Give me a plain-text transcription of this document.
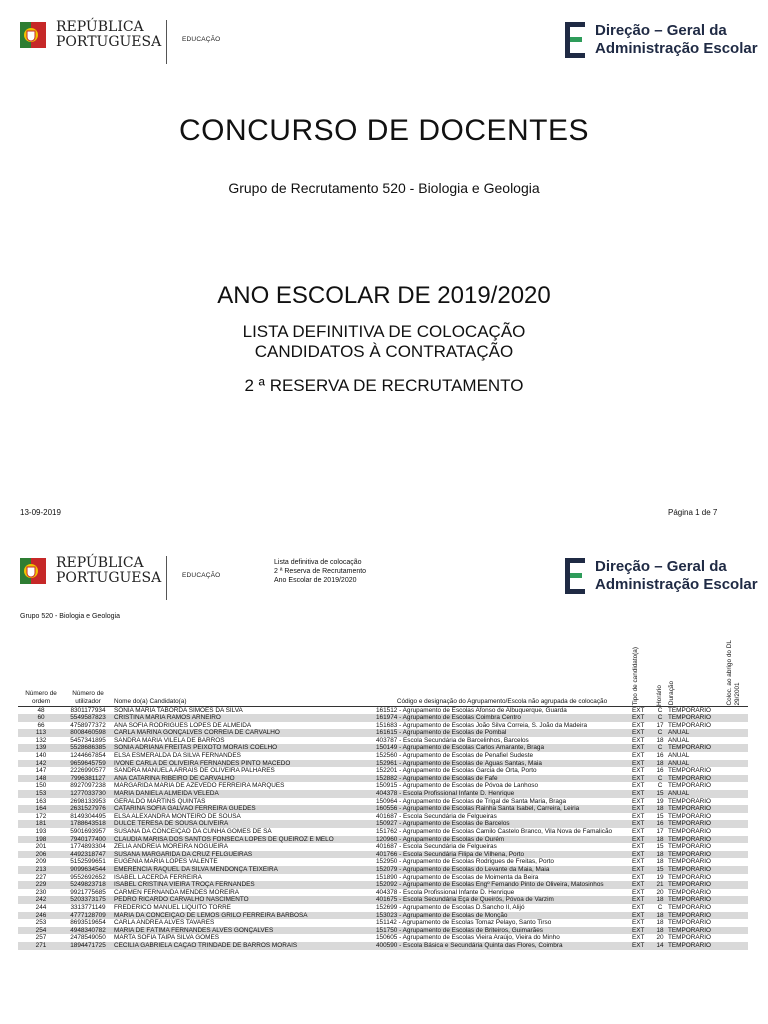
REPÚBLICA
PORTUGUESA	EDUCAÇÃO
Direção – Geral da
Administração Escolar
CONCURSO DE DOCENTES
Grupo de Recrutamento 520 - Biologia e Geologia
ANO ESCOLAR DE 2019/2020
LISTA DEFINITIVA DE COLOCAÇÃO
CANDIDATOS À CONTRATAÇÃO
2 ª RESERVA DE RECRUTAMENTO
13-09-2019	Página 1 de 7
REPÚBLICA
PORTUGUESA	EDUCAÇÃO
Direção – Geral da
Administração Escolar
Lista definitiva de colocação
2 ª Reserva de Recrutamento
Ano Escolar de 2019/2020
Grupo 520 - Biologia e Geologia
Número de ordem	Número de utilizador	Nome do(a) Candidato(a)	Código e designação do Agrupamento/Escola não agrupada de colocação	Tipo de candidato(a)	Horário	Duração	Coloc. ao abrigo do DL 29/2001

48	8301177934	SÓNIA MARIA TABORDA SIMÕES DA SILVA	161512 - Agrupamento de Escolas Afonso de Albuquerque, Guarda	EXT	C	TEMPORÁRIO	
60	5549587823	CRISTINA MARIA RAMOS ARNEIRO	161974 - Agrupamento de Escolas Coimbra Centro	EXT	C	TEMPORÁRIO	
66	4758977372	ANA SOFIA RODRIGUES LOPES DE ALMEIDA	151683 - Agrupamento de Escolas João Silva Correia, S. João da Madeira	EXT	17	TEMPORÁRIO	
113	8008460598	CARLA MARINA GONÇALVES CORREIA DE CARVALHO	161615 - Agrupamento de Escolas de Pombal	EXT	C	ANUAL	
132	5457341895	SANDRA MARIA VILELA DE BARROS	403787 - Escola Secundária de Barcelinhos, Barcelos	EXT	18	ANUAL	
139	5528686385	SÓNIA ADRIANA FREITAS PEIXOTO MORAIS COELHO	150149 - Agrupamento de Escolas Carlos Amarante, Braga	EXT	C	TEMPORÁRIO	
140	1244667854	ELSA ESMERALDA DA SILVA FERNANDES	152560 - Agrupamento de Escolas de Penafiel Sudeste	EXT	16	ANUAL	
142	9659645759	IVONE CARLA DE OLIVEIRA FERNANDES PINTO MACEDO	152961 - Agrupamento de Escolas de Águas Santas, Maia	EXT	18	ANUAL	
147	2226990577	SANDRA MANUELA ARRAIS DE OLIVEIRA PALHARES	152201 - Agrupamento de Escolas Garcia de Orta, Porto	EXT	16	TEMPORÁRIO	
148	7996381127	ANA CATARINA RIBEIRO DE CARVALHO	152882 - Agrupamento de Escolas de Fafe	EXT	C	TEMPORÁRIO	
150	8927097238	MARGARIDA MARIA DE AZEVEDO FERREIRA MARQUES	150915 - Agrupamento de Escolas de Póvoa de Lanhoso	EXT	C	TEMPORÁRIO	
153	1277033730	MARIA DANIELA ALMEIDA VELEDA	404378 - Escola Profissional Infante D. Henrique	EXT	15	ANUAL	
163	2698133953	GERALDO MARTINS QUINTAS	150964 - Agrupamento de Escolas de Trigal de Santa Maria, Braga	EXT	19	TEMPORÁRIO	
164	2631527976	CATARINA SOFIA GALVÃO FERREIRA GUEDES	160556 - Agrupamento de Escolas Rainha Santa Isabel, Carreira, Leiria	EXT	18	TEMPORÁRIO	
172	8149304495	ELSA ALEXANDRA MONTEIRO DE SOUSA	401687 - Escola Secundária de Felgueiras	EXT	15	TEMPORÁRIO	
181	1788643518	DULCE TERESA DE SOUSA OLIVEIRA	150927 - Agrupamento de Escolas de Barcelos	EXT	16	TEMPORÁRIO	
193	5901693957	SUSANA DA CONCEIÇÃO DA CUNHA GOMES DE SÁ	151762 - Agrupamento de Escolas Camilo Castelo Branco, Vila Nova de Famalicão	EXT	17	TEMPORÁRIO	
198	7940177400	CLÁUDIA MARISA DOS SANTOS FONSECA LOPES DE QUEIROZ E MELO	120960 - Agrupamento de Escolas de Ourém	EXT	18	TEMPORÁRIO	
201	1774893304	ZÉLIA ANDREIA MOREIRA NOGUEIRA	401687 - Escola Secundária de Felgueiras	EXT	15	TEMPORÁRIO	
206	4492318747	SUSANA MARGARIDA DA CRUZ FELGUEIRAS	401766 - Escola Secundária Filipa de Vilhena, Porto	EXT	18	TEMPORÁRIO	
209	5152599651	EUGÉNIA MARIA LOPES VALENTE	152950 - Agrupamento de Escolas Rodrigues de Freitas, Porto	EXT	18	TEMPORÁRIO	
213	9099634544	EMERÊNCIA RAQUEL DA SILVA MENDONÇA TEIXEIRA	152079 - Agrupamento de Escolas do Levante da Maia, Maia	EXT	15	TEMPORÁRIO	
227	9552692652	ISABEL LACERDA FERREIRA	151890 - Agrupamento de Escolas de Moimenta da Beira	EXT	19	TEMPORÁRIO	
229	5249823718	ISABEL CRISTINA VIEIRA TROÇA FERNANDES	152092 - Agrupamento de Escolas Engº Fernando Pinto de Oliveira, Matosinhos	EXT	21	TEMPORÁRIO	
230	9921775685	CARMEN FERNANDA MENDES MOREIRA	404378 - Escola Profissional Infante D. Henrique	EXT	20	TEMPORÁRIO	
242	5203373175	PEDRO RICARDO CARVALHO NASCIMENTO	401675 - Escola Secundária Eça de Queirós, Póvoa de Varzim	EXT	18	TEMPORÁRIO	
244	3313771149	FREDERICO MANUEL LIQUITO TORRE	152699 - Agrupamento de Escolas D.Sancho II, Alijó	EXT	C	TEMPORÁRIO	
246	4777128709	MARIA DA CONCEIÇÃO DE LEMOS GRILO FERREIRA BARBOSA	153023 - Agrupamento de Escolas de Monção	EXT	18	TEMPORÁRIO	
253	8693519654	CARLA ANDREA ALVES TAVARES	151142 - Agrupamento de Escolas Tomaz Pelayo, Santo Tirso	EXT	18	TEMPORÁRIO	
254	4948340782	MARIA DE FÁTIMA FERNANDES ALVES GONÇALVES	151750 - Agrupamento de Escolas de Briteiros, Guimarães	EXT	18	TEMPORÁRIO	
257	2478549050	MARTA SOFIA TAIPA SILVA GOMES	150605 - Agrupamento de Escolas Vieira Araújo, Vieira do Minho	EXT	20	TEMPORÁRIO	
271	1894471725	CECÍLIA GABRIELA CAÇÃO TRINDADE DE BARROS MORAIS	400590 - Escola Básica e Secundária Quinta das Flores, Coimbra	EXT	14	TEMPORÁRIO	
